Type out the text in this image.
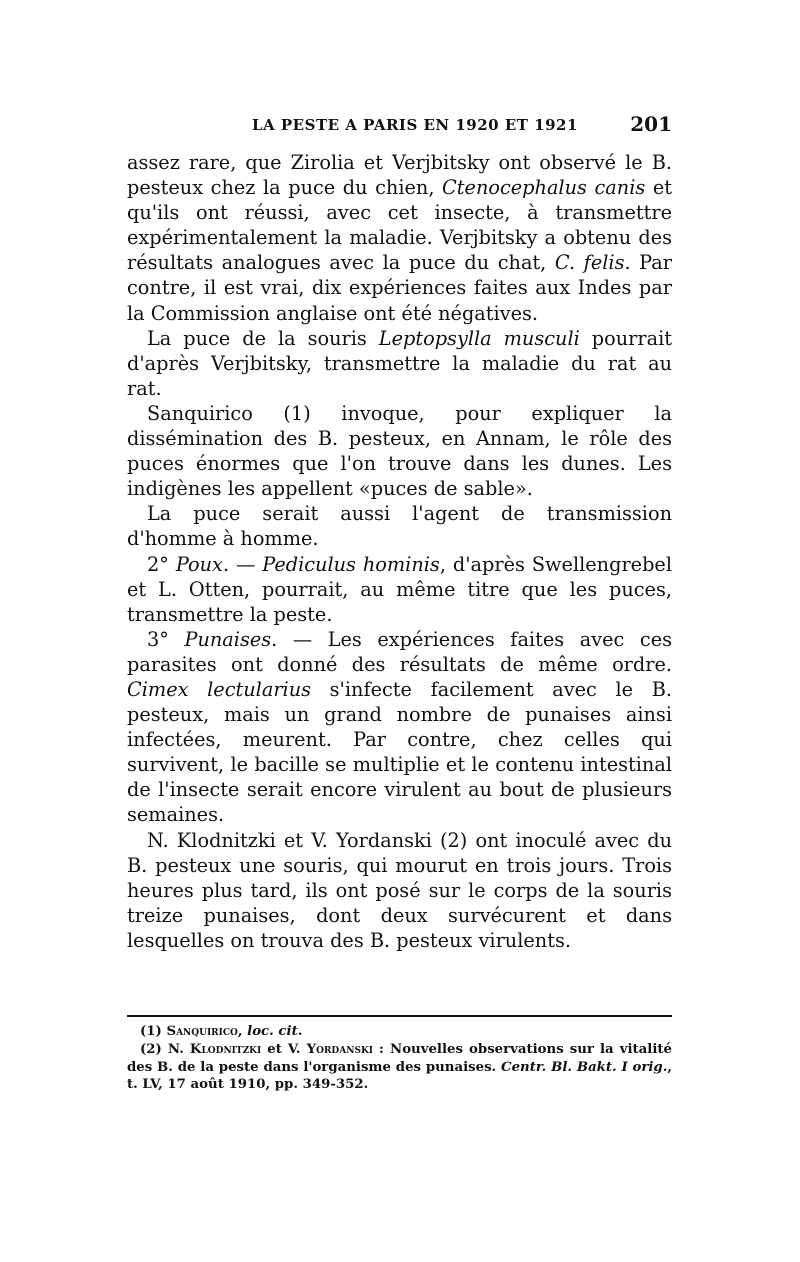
LA PESTE A PARIS EN 1920 ET 1921	201

assez rare, que Zirolia et Verjbitsky ont observé le B. pesteux chez la puce du chien, Ctenocephalus canis et qu'ils ont réussi, avec cet insecte, à transmettre expérimentalement la maladie. Verjbitsky a obtenu des résultats analogues avec la puce du chat, C. felis. Par contre, il est vrai, dix expériences faites aux Indes par la Commission anglaise ont été négatives.

La puce de la souris Leptopsylla musculi pourrait d'après Verjbitsky, transmettre la maladie du rat au rat.

Sanquirico (1) invoque, pour expliquer la dissémination des B. pesteux, en Annam, le rôle des puces énormes que l'on trouve dans les dunes. Les indigènes les appellent «puces de sable».

La puce serait aussi l'agent de transmission d'homme à homme.

2° Poux. — Pediculus hominis, d'après Swellengrebel et L. Otten, pourrait, au même titre que les puces, transmettre la peste.

3° Punaises. — Les expériences faites avec ces parasites ont donné des résultats de même ordre. Cimex lectularius s'infecte facilement avec le B. pesteux, mais un grand nombre de punaises ainsi infectées, meurent. Par contre, chez celles qui survivent, le bacille se multiplie et le contenu intestinal de l'insecte serait encore virulent au bout de plusieurs semaines.

N. Klodnitzki et V. Yordanski (2) ont inoculé avec du B. pesteux une souris, qui mourut en trois jours. Trois heures plus tard, ils ont posé sur le corps de la souris treize punaises, dont deux survécurent et dans lesquelles on trouva des B. pesteux virulents.

(1) Sanquirico, loc. cit.

(2) N. Klodnitzki et V. Yordanski : Nouvelles observations sur la vitalité des B. de la peste dans l'organisme des punaises. Centr. Bl. Bakt. I orig., t. LV, 17 août 1910, pp. 349-352.
